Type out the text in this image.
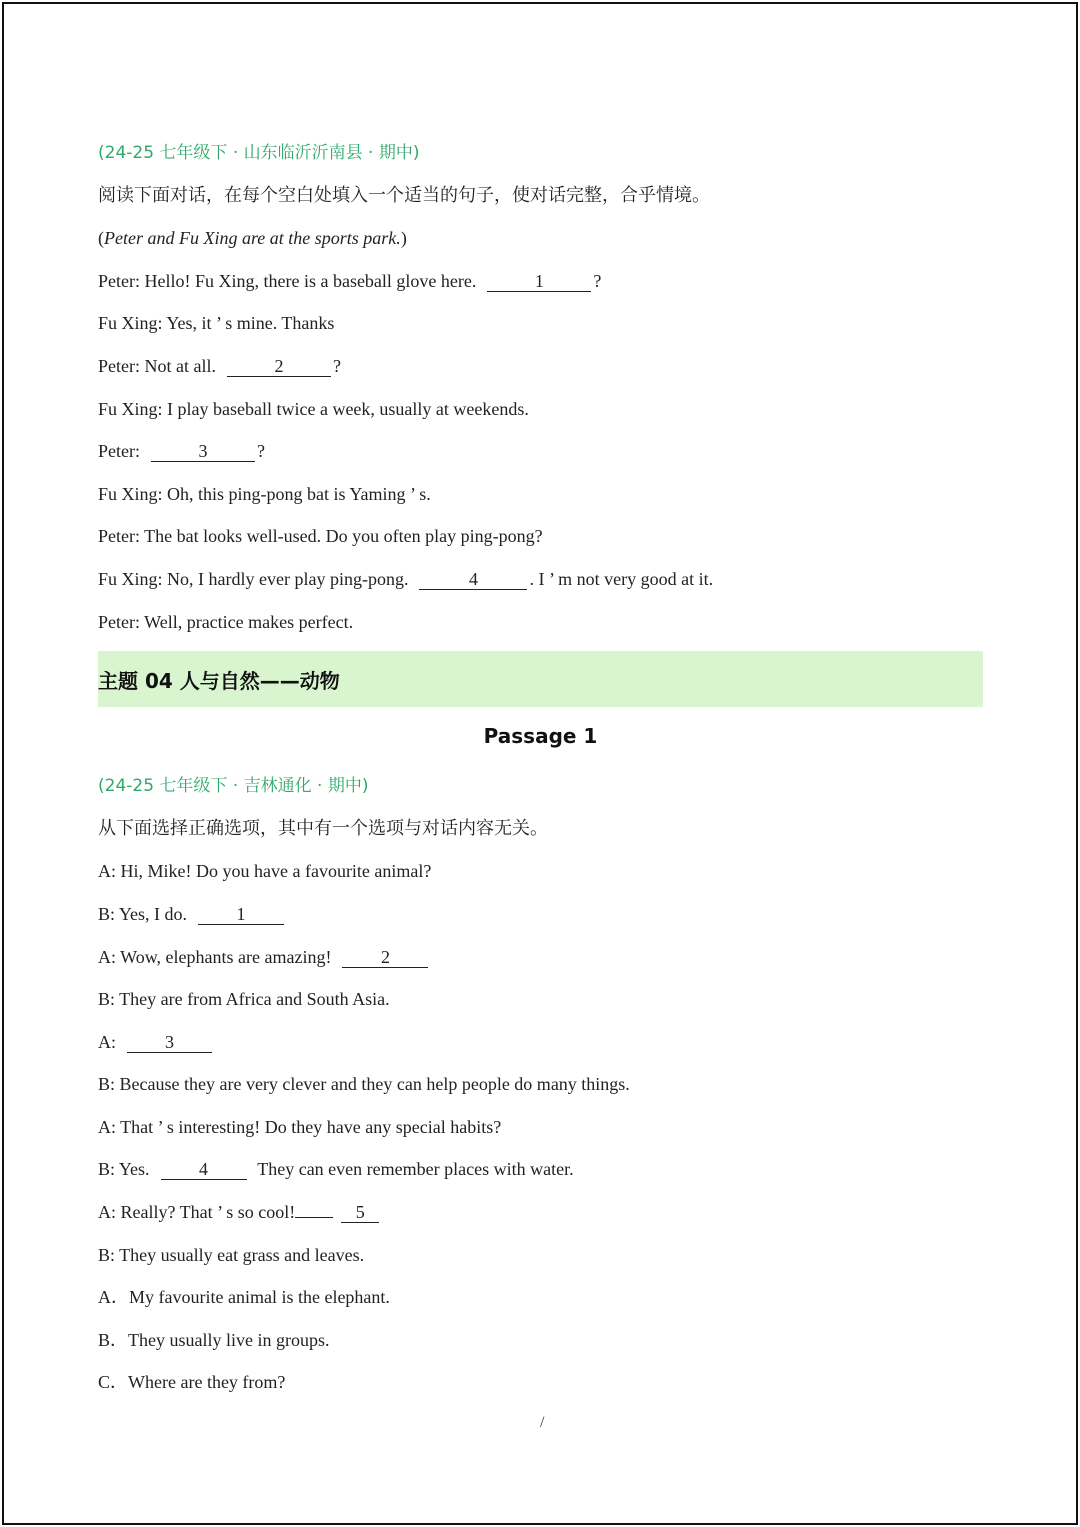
(24-25 七年级下 · 山东临沂沂南县 · 期中)
阅读下面对话，在每个空白处填入一个适当的句子，使对话完整，合乎情境。
(Peter and Fu Xing are at the sports park.)
Peter: Hello! Fu Xing, there is a baseball glove here.	1	?
Fu Xing: Yes, it ’ s mine. Thanks
Peter: Not at all.	2	?
Fu Xing: I play baseball twice a week, usually at weekends.
Peter:	3	?
Fu Xing: Oh, this ping-pong bat is Yaming ’ s.
Peter: The bat looks well-used. Do you often play ping-pong?
Fu Xing: No, I hardly ever play ping-pong.	4	. I ’ m not very good at it.
Peter: Well, practice makes perfect.
主题 04 人与自然——动物
Passage 1
(24-25 七年级下 · 吉林通化 · 期中)
从下面选择正确选项，其中有一个选项与对话内容无关。
A: Hi, Mike! Do you have a favourite animal?
B: Yes, I do.	1
A: Wow, elephants are amazing!	2
B: They are from Africa and South Asia.
A:	3
B: Because they are very clever and they can help people do many things.
A: That ’ s interesting! Do they have any special habits?
B: Yes.	4	They can even remember places with water.
A: Really? That ’ s so cool!	5
B: They usually eat grass and leaves.
A．My favourite animal is the elephant.
B．They usually live in groups.
C．Where are they from?
/
